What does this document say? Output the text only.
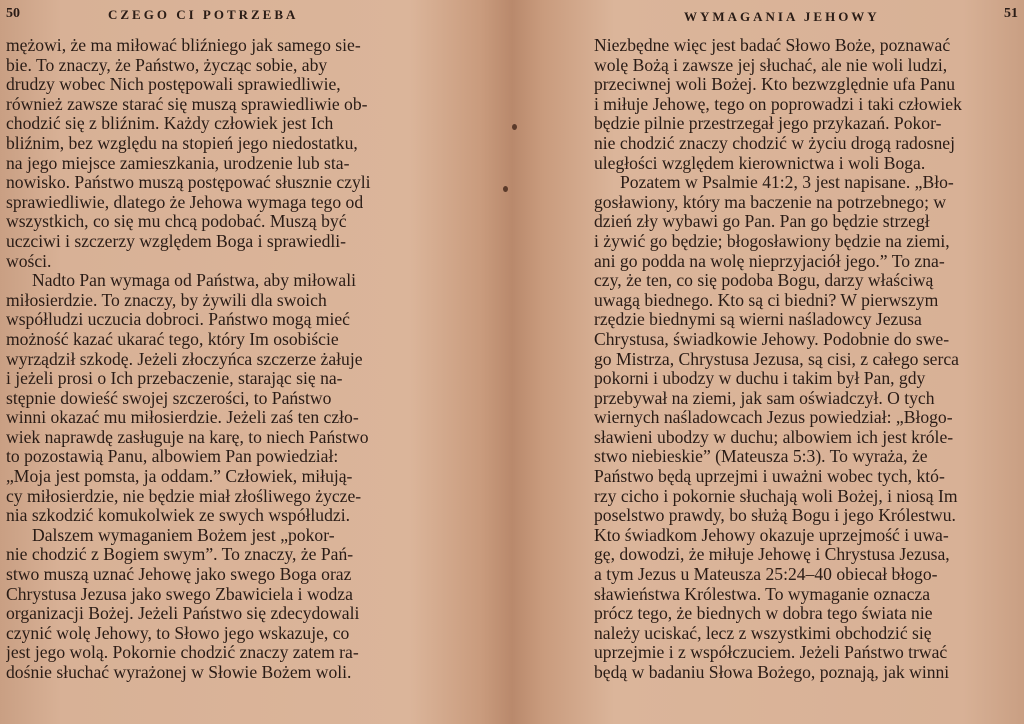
50	CZEGO CI POTRZEBA
mężowi, że ma miłować bliźniego jak samego sie-
bie. To znaczy, że Państwo, życząc sobie, aby
drudzy wobec Nich postępowali sprawiedliwie,
również zawsze starać się muszą sprawiedliwie ob-
chodzić się z bliźnim. Każdy człowiek jest Ich
bliźnim, bez względu na stopień jego niedostatku,
na jego miejsce zamieszkania, urodzenie lub sta-
nowisko. Państwo muszą postępować słusznie czyli
sprawiedliwie, dlatego że Jehowa wymaga tego od
wszystkich, co się mu chcą podobać. Muszą być
uczciwi i szczerzy względem Boga i sprawiedli-
wości.
Nadto Pan wymaga od Państwa, aby miłowali
miłosierdzie. To znaczy, by żywili dla swoich
współludzi uczucia dobroci. Państwo mogą mieć
możność kazać ukarać tego, który Im osobiście
wyrządził szkodę. Jeżeli złoczyńca szczerze żałuje
i jeżeli prosi o Ich przebaczenie, starając się na-
stępnie dowieść swojej szczerości, to Państwo
winni okazać mu miłosierdzie. Jeżeli zaś ten czło-
wiek naprawdę zasługuje na karę, to niech Państwo
to pozostawią Panu, albowiem Pan powiedział:
„Moja jest pomsta, ja oddam.” Człowiek, miłują-
cy miłosierdzie, nie będzie miał złośliwego życze-
nia szkodzić komukolwiek ze swych współludzi.
Dalszem wymaganiem Bożem jest „pokor-
nie chodzić z Bogiem swym”. To znaczy, że Pań-
stwo muszą uznać Jehowę jako swego Boga oraz
Chrystusa Jezusa jako swego Zbawiciela i wodza
organizacji Bożej. Jeżeli Państwo się zdecydowali
czynić wolę Jehowy, to Słowo jego wskazuje, co
jest jego wolą. Pokornie chodzić znaczy zatem ra-
dośnie słuchać wyrażonej w Słowie Bożem woli.
WYMAGANIA JEHOWY	51
Niezbędne więc jest badać Słowo Boże, poznawać
wolę Bożą i zawsze jej słuchać, ale nie woli ludzi,
przeciwnej woli Bożej. Kto bezwzględnie ufa Panu
i miłuje Jehowę, tego on poprowadzi i taki człowiek
będzie pilnie przestrzegał jego przykazań. Pokor-
nie chodzić znaczy chodzić w życiu drogą radosnej
uległości względem kierownictwa i woli Boga.
Pozatem w Psalmie 41:2, 3 jest napisane. „Bło-
gosławiony, który ma baczenie na potrzebnego; w
dzień zły wybawi go Pan. Pan go będzie strzegł
i żywić go będzie; błogosławiony będzie na ziemi,
ani go podda na wolę nieprzyjaciół jego.” To zna-
czy, że ten, co się podoba Bogu, darzy właściwą
uwagą biednego. Kto są ci biedni? W pierwszym
rzędzie biednymi są wierni naśladowcy Jezusa
Chrystusa, świadkowie Jehowy. Podobnie do swe-
go Mistrza, Chrystusa Jezusa, są cisi, z całego serca
pokorni i ubodzy w duchu i takim był Pan, gdy
przebywał na ziemi, jak sam oświadczył. O tych
wiernych naśladowcach Jezus powiedział: „Błogo-
sławieni ubodzy w duchu; albowiem ich jest króle-
stwo niebieskie” (Mateusza 5:3). To wyraża, że
Państwo będą uprzejmi i uważni wobec tych, któ-
rzy cicho i pokornie słuchają woli Bożej, i niosą Im
poselstwo prawdy, bo służą Bogu i jego Królestwu.
Kto świadkom Jehowy okazuje uprzejmość i uwa-
gę, dowodzi, że miłuje Jehowę i Chrystusa Jezusa,
a tym Jezus u Mateusza 25:24–40 obiecał błogo-
sławieństwa Królestwa. To wymaganie oznacza
prócz tego, że biednych w dobra tego świata nie
należy uciskać, lecz z wszystkimi obchodzić się
uprzejmie i z współczuciem. Jeżeli Państwo trwać
będą w badaniu Słowa Bożego, poznają, jak winni
